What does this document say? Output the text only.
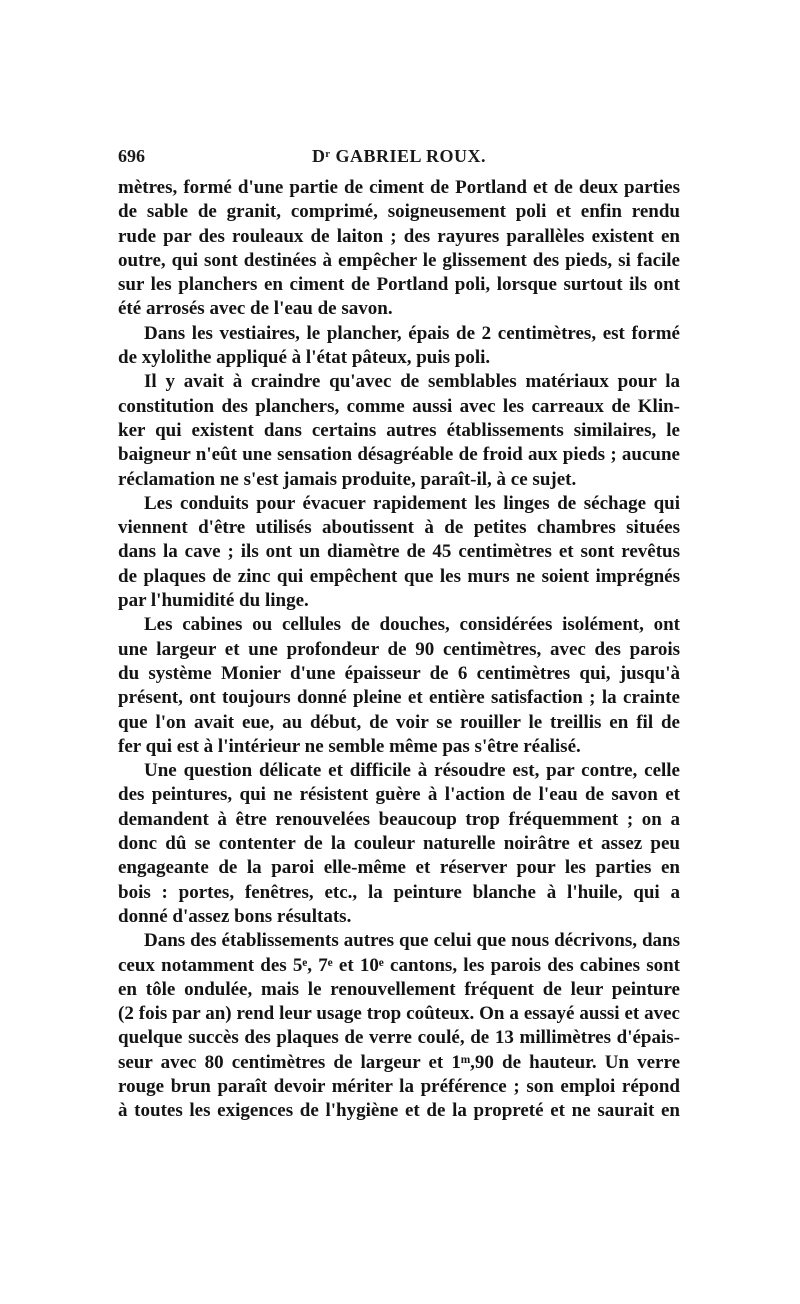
696	Dʳ GABRIEL ROUX.
mètres, formé d'une partie de ciment de Portland et de deux parties
de sable de granit, comprimé, soigneusement poli et enfin rendu
rude par des rouleaux de laiton ; des rayures parallèles existent en
outre, qui sont destinées à empêcher le glissement des pieds, si facile
sur les planchers en ciment de Portland poli, lorsque surtout ils ont
été arrosés avec de l'eau de savon.
Dans les vestiaires, le plancher, épais de 2 centimètres, est formé
de xylolithe appliqué à l'état pâteux, puis poli.
Il y avait à craindre qu'avec de semblables matériaux pour la
constitution des planchers, comme aussi avec les carreaux de Klin-
ker qui existent dans certains autres établissements similaires, le
baigneur n'eût une sensation désagréable de froid aux pieds ; aucune
réclamation ne s'est jamais produite, paraît-il, à ce sujet.
Les conduits pour évacuer rapidement les linges de séchage qui
viennent d'être utilisés aboutissent à de petites chambres situées
dans la cave ; ils ont un diamètre de 45 centimètres et sont revêtus
de plaques de zinc qui empêchent que les murs ne soient imprégnés
par l'humidité du linge.
Les cabines ou cellules de douches, considérées isolément, ont
une largeur et une profondeur de 90 centimètres, avec des parois
du système Monier d'une épaisseur de 6 centimètres qui, jusqu'à
présent, ont toujours donné pleine et entière satisfaction ; la crainte
que l'on avait eue, au début, de voir se rouiller le treillis en fil de
fer qui est à l'intérieur ne semble même pas s'être réalisé.
Une question délicate et difficile à résoudre est, par contre, celle
des peintures, qui ne résistent guère à l'action de l'eau de savon et
demandent à être renouvelées beaucoup trop fréquemment ; on a
donc dû se contenter de la couleur naturelle noirâtre et assez peu
engageante de la paroi elle-même et réserver pour les parties en
bois : portes, fenêtres, etc., la peinture blanche à l'huile, qui a
donné d'assez bons résultats.
Dans des établissements autres que celui que nous décrivons, dans
ceux notamment des 5ᵉ, 7ᵉ et 10ᵉ cantons, les parois des cabines sont
en tôle ondulée, mais le renouvellement fréquent de leur peinture
(2 fois par an) rend leur usage trop coûteux. On a essayé aussi et avec
quelque succès des plaques de verre coulé, de 13 millimètres d'épais-
seur avec 80 centimètres de largeur et 1ᵐ,90 de hauteur. Un verre
rouge brun paraît devoir mériter la préférence ; son emploi répond
à toutes les exigences de l'hygiène et de la propreté et ne saurait en
